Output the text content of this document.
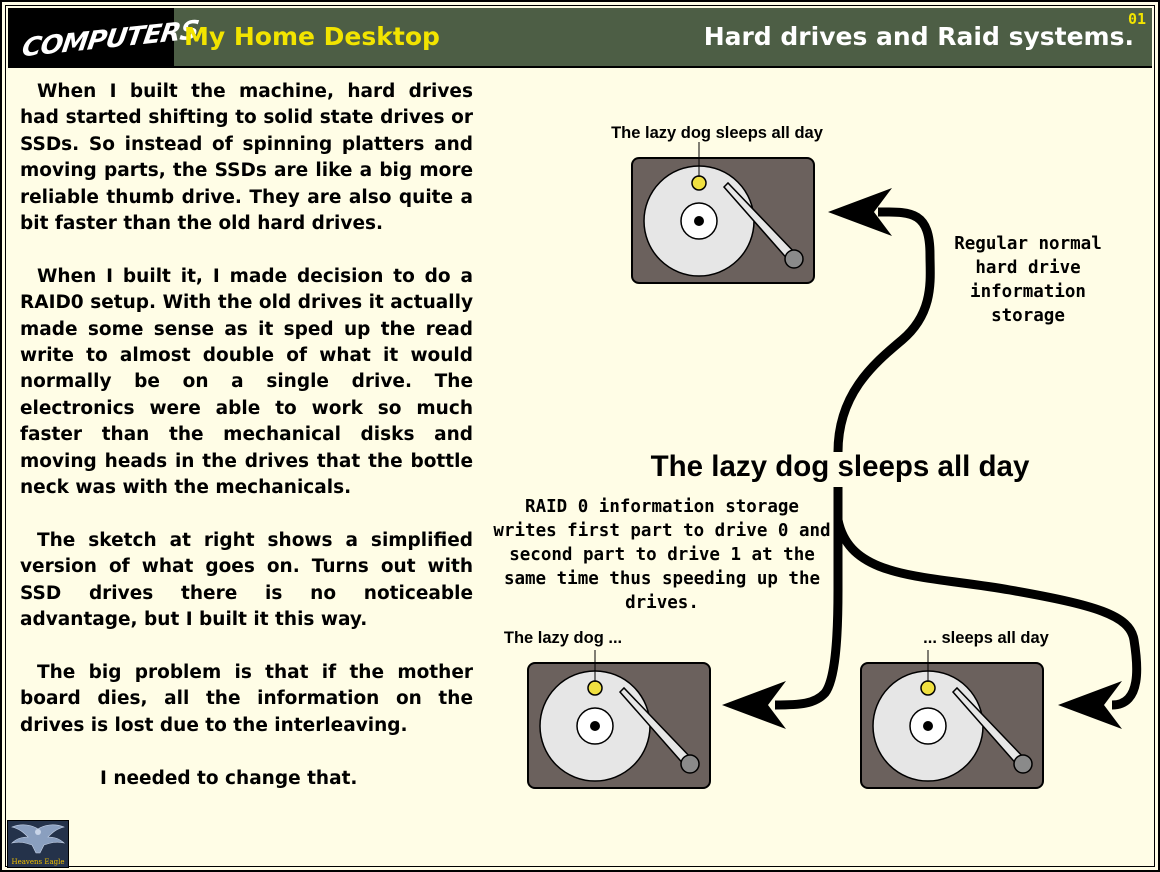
COMPUTERS
My Home Desktop	Hard drives and Raid systems.
01

When I built the machine, hard drives had started shifting to solid state drives or SSDs. So instead of spinning platters and moving parts, the SSDs are like a big more reliable thumb drive. They are also quite a bit faster than the old hard drives.

When I built it, I made decision to do a RAID0 setup. With the old drives it actually made some sense as it sped up the read write to almost double of what it would normally be on a single drive. The electronics were able to work so much faster than the mechanical disks and moving heads in the drives that the bottle neck was with the mechanicals.

The sketch at right shows a simplified version of what goes on. Turns out with SSD drives there is no noticeable advantage, but I built it this way.

The big problem is that if the mother board dies, all the information on the drives is lost due to the interleaving.

I needed to change that.

The lazy dog sleeps all day
Regular normal
hard drive
information
storage
The lazy dog sleeps all day
RAID 0 information storage
writes first part to drive 0 and
second part to drive 1 at the
same time thus speeding up the
drives.
The lazy dog ...	... sleeps all day
Heavens Eagle
